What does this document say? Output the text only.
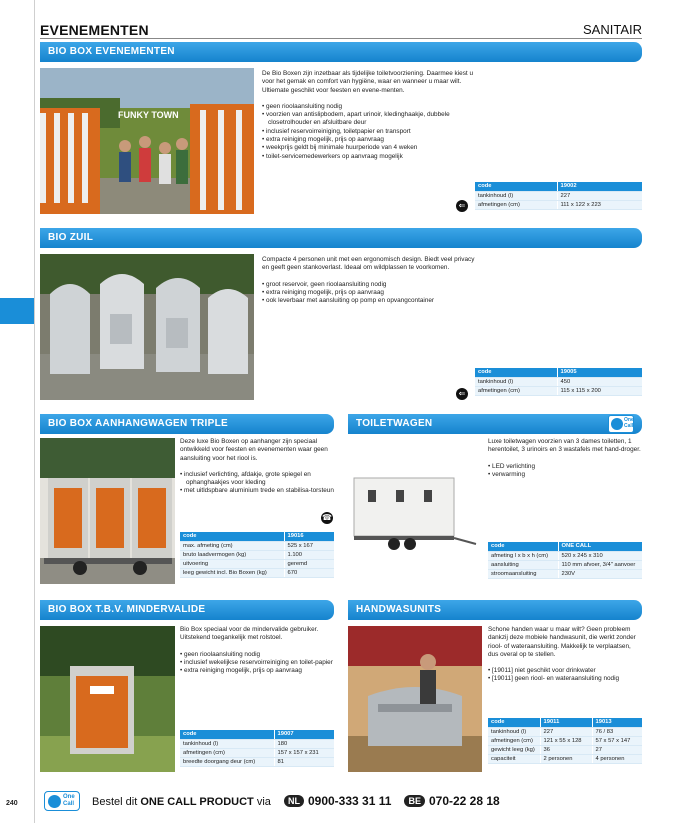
EVENEMENTEN	SANITAIR
BIO BOX EVENEMENTEN
FUNKY TOWN

De Bio Boxen zijn inzetbaar als tijdelijke toiletvoorziening. Daarmee kiest u voor het gemak en comfort van hygiëne, waar en wanneer u maar wilt. Ultiemate geschikt voor feesten en evene-menten.

• geen rioolaansluiting nodig
• voorzien van antislipbodem, apart urinoir, kledinghaakje, dubbele closetrolhouder en afsluitbare deur
• inclusief reservoirreiniging, toiletpapier en transport
• extra reiniging mogelijk, prijs op aanvraag
• weekprijs geldt bij minimale huurperiode van 4 weken
• toilet-servicemedewerkers op aanvraag mogelijk
code	19002
tankinhoud (l)	227
afmetingen (cm)	111 x 122 x 223
⇐
BIO ZUIL

Compacte 4 personen unit met een ergonomisch design. Biedt veel privacy en geeft geen stankoverlast. Ideaal om wildplassen te voorkomen.

• groot reservoir, geen rioolaansluiting nodig
• extra reiniging mogelijk, prijs op aanvraag
• ook leverbaar met aansluiting op pomp en opvangcontainer
code	19005
tankinhoud (l)	450
afmetingen (cm)	115 x 115 x 200
⇐
BIO BOX AANHANGWAGEN TRIPLE

Deze luxe Bio Boxen op aanhanger zijn speciaal ontwikkeld voor feesten en evenementen waar geen aansluiting voor het riool is.

• inclusief verlichting, afdakje, grote spiegel en ophanghaakjes voor kleding
• met uitldspbare aluminium trede en stabilisa-torsteun
☎
code	19016
max. afmeting (cm)	525 x 167
bruto laadvermogen (kg)	1.100
uitvoering	geremd
leeg gewicht incl. Bio Boxen (kg)	670
TOILETWAGEN	One
Call

Luxe toiletwagen voorzien van 3 dames toiletten, 1 herentoilet, 3 urinoirs en 3 wastafels met hand-droger.

• LED verlichting
• verwarming
code	ONE CALL
afmeting l x b x h (cm)	520 x 245 x 310
aansluiting	110 mm afvoer, 3/4" aanvoer
stroomaansluiting	230V
BIO BOX T.B.V. MINDERVALIDE

Bio Box speciaal voor de mindervalide gebruiker. Uitstekend toegankelijk met rolstoel.

• geen rioolaansluiting nodig
• inclusief wekelijkse reservoirreiniging en toilet-papier
• extra reiniging mogelijk, prijs op aanvraag
code	19007
tankinhoud (l)	180
afmetingen (cm)	157 x 157 x 231
breedte doorgang deur (cm)	81
HANDWASUNITS

Schone handen waar u maar wilt? Geen probleem dankzij deze mobiele handwasunit, die werkt zonder riool- of wateraansluiting. Makkelijk te verplaatsen, dus overal op te stellen.

• [19011] niet geschikt voor drinkwater
• [19011] geen riool- en wateraansluiting nodig
code	19011	19013
tankinhoud (l)	227	76 / 83
afmetingen (cm)	121 x 55 x 128	57 x 57 x 147
gewicht leeg (kg)	36	27
capaciteit	2 personen	4 personen
240
One
Call Bestel dit ONE CALL PRODUCT via NL 0900-333 31 11 BE 070-22 28 18
